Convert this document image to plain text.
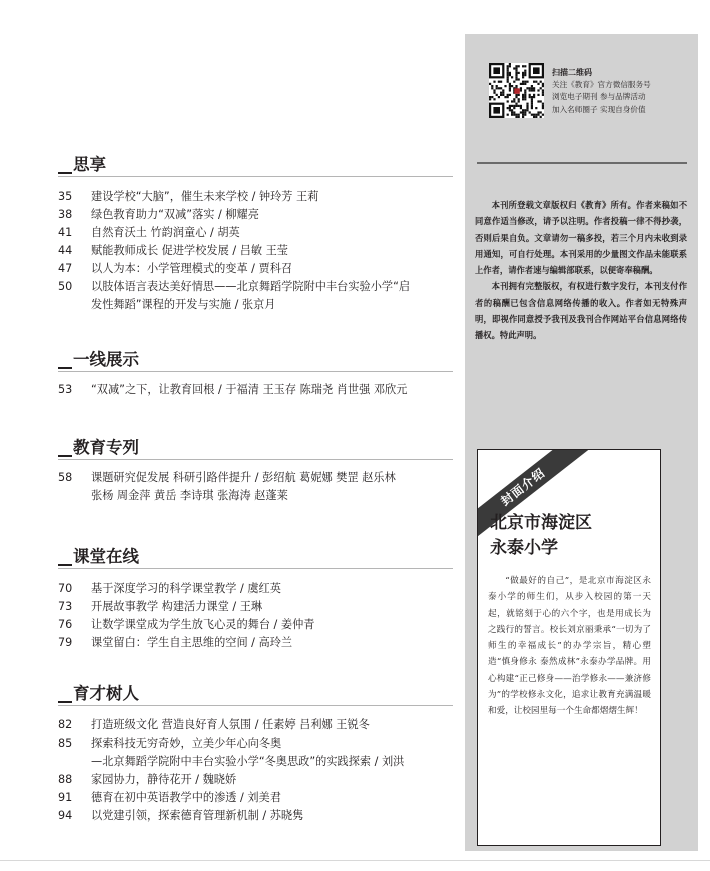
扫描二维码
关注《教育》官方微信服务号
浏览电子期刊 参与品牌活动
加入名师圈子 实现自身价值

本刊所登载文章版权归《教育》所有。作者来稿如不同意作适当修改，请予以注明。作者投稿一律不得抄袭，否则后果自负。文章请勿一稿多投，若三个月内未收到录用通知，可自行处理。本刊采用的少量图文作品未能联系上作者，请作者速与编辑部联系，以便寄奉稿酬。

本刊拥有完整版权，有权进行数字发行，本刊支付作者的稿酬已包含信息网络传播的收入。作者如无特殊声明，即视作同意授予我刊及我刊合作网站平台信息网络传播权。特此声明。

封面介绍
北京市海淀区
永泰小学

“做最好的自己”，是北京市海淀区永泰小学的师生们，从步入校园的第一天起，就铭刻于心的六个字，也是用成长为之践行的誓言。校长刘京丽秉承“一切为了师生的幸福成长”的办学宗旨，精心塑造“慎身修永 泰然成林”永泰办学品牌。用心构建“正己修身——治学修永——兼济修为”的学校修永文化，追求让教育充满温暖和爱，让校园里每一个生命都熠熠生辉！

思享
35	建设学校“大脑”，催生未来学校 / 钟玲芳 王莉
38	绿色教育助力“双减”落实 / 柳耀亮
41	自然育沃土 竹韵润童心 / 胡英
44	赋能教师成长 促进学校发展 / 吕敏 王莹
47	以人为本：小学管理模式的变革 / 贾科召
50	以肢体语言表达美好情思——北京舞蹈学院附中丰台实验小学“启
发性舞蹈”课程的开发与实施 / 张京月
一线展示
53	“双减”之下，让教育回根 / 于福清 王玉存 陈瑞尧 肖世强 邓欣元
教育专列
58	课题研究促发展 科研引路伴提升 / 彭绍航 葛妮娜 樊罡 赵乐林
张杨 周金萍 黄岳 李诗琪 张海涛 赵蓬莱
课堂在线
70	基于深度学习的科学课堂教学 / 虞红英
73	开展故事教学 构建活力课堂 / 王琳
76	让数学课堂成为学生放飞心灵的舞台 / 姜仲青
79	课堂留白：学生自主思维的空间 / 高玲兰
育才树人
82	打造班级文化 营造良好育人氛围 / 任素婷 吕利娜 王锐冬
85	探索科技无穷奇妙，立美少年心向冬奥
—北京舞蹈学院附中丰台实验小学“冬奥思政”的实践探索 / 刘洪
88	家园协力，静待花开 / 魏晓娇
91	德育在初中英语教学中的渗透 / 刘美君
94	以党建引领，探索德育管理新机制 / 苏晓隽
